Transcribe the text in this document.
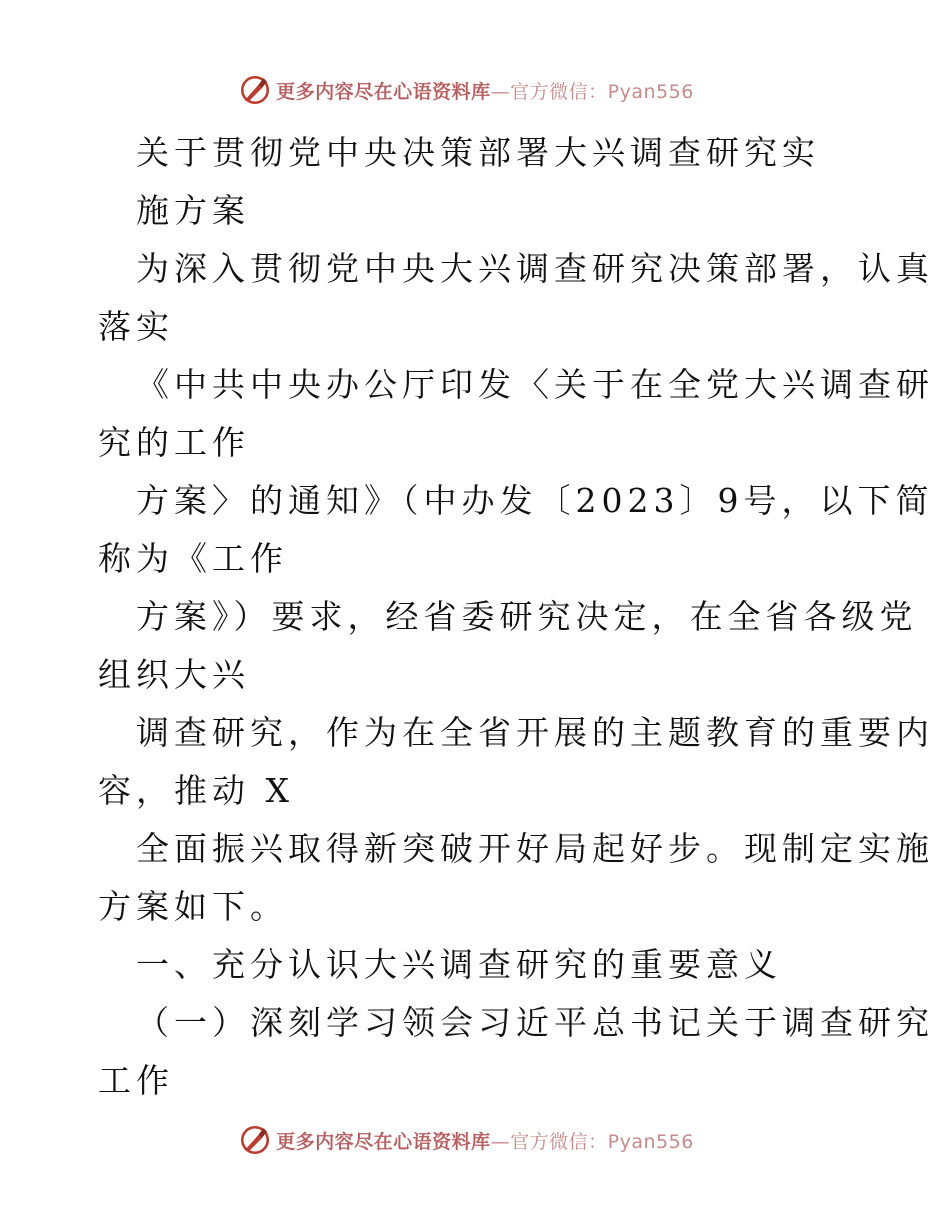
更多内容尽在心语资料库—官方微信：Pyan556
关于贯彻党中央决策部署大兴调查研究实
施方案
为深入贯彻党中央大兴调查研究决策部署，认真
落实
《中共中央办公厅印发〈关于在全党大兴调查研
究的工作
方案〉的通知》（中办发〔2023〕9号，以下简
称为《工作
方案》）要求，经省委研究决定，在全省各级党
组织大兴
调查研究，作为在全省开展的主题教育的重要内
容，推动 X
全面振兴取得新突破开好局起好步。现制定实施
方案如下。
一、充分认识大兴调查研究的重要意义
（一）深刻学习领会习近平总书记关于调查研究
工作
更多内容尽在心语资料库—官方微信：Pyan556
